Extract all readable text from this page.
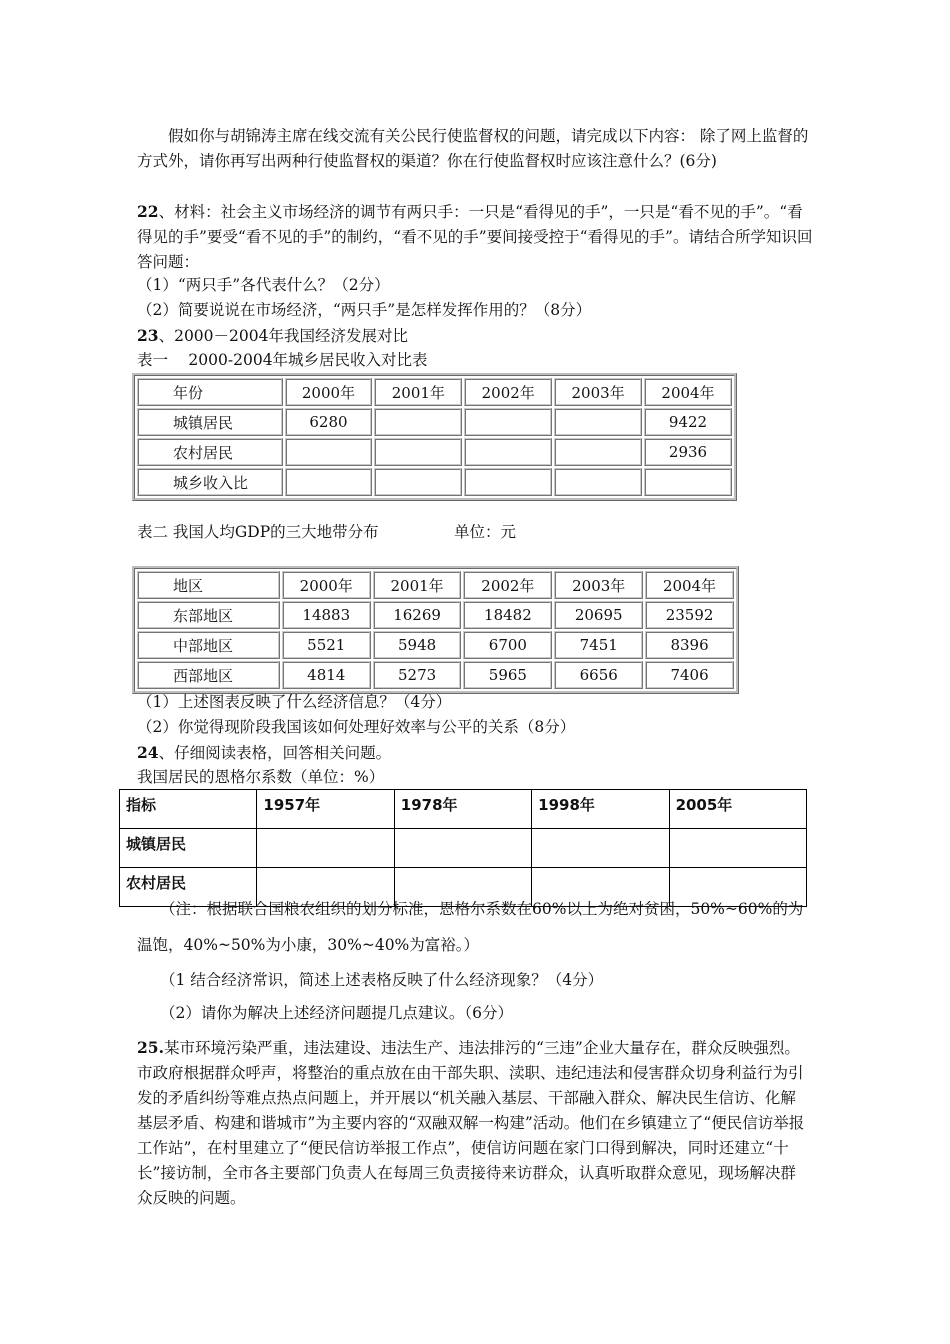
假如你与胡锦涛主席在线交流有关公民行使监督权的问题，请完成以下内容： 除了网上监督的方式外，请你再写出两种行使监督权的渠道？你在行使监督权时应该注意什么？(6分)

22、材料：社会主义市场经济的调节有两只手：一只是“看得见的手”，一只是“看不见的手”。“看得见的手”要受“看不见的手”的制约，“看不见的手”要间接受控于“看得见的手”。请结合所学知识回答问题：

（1）“两只手”各代表什么？（2分）

（2）简要说说在市场经济，“两只手”是怎样发挥作用的？（8分）

23、2000－2004年我国经济发展对比

表一　 2000-2004年城乡居民收入对比表

年份	2000年	2001年	2002年	2003年	2004年
城镇居民	6280				9422
农村居民					2936
城乡收入比					

表二 我国人均GDP的三大地带分布	单位：元

地区	2000年	2001年	2002年	2003年	2004年
东部地区	14883	16269	18482	20695	23592
中部地区	5521	5948	6700	7451	8396
西部地区	4814	5273	5965	6656	7406

（1）上述图表反映了什么经济信息？（4分）

（2）你觉得现阶段我国该如何处理好效率与公平的关系（8分）

24、仔细阅读表格，回答相关问题。

我国居民的恩格尔系数（单位：%）

指标	1957年	1978年	1998年	2005年
城镇居民				
农村居民				

（注：根据联合国粮农组织的划分标准，恩格尔系数在60%以上为绝对贫困，50%~60%的为

温饱，40%~50%为小康，30%~40%为富裕。）

（1 结合经济常识，简述上述表格反映了什么经济现象？（4分）

（2）请你为解决上述经济问题提几点建议。（6分）

25.某市环境污染严重，违法建设、违法生产、违法排污的“三违”企业大量存在，群众反映强烈。市政府根据群众呼声，将整治的重点放在由干部失职、渎职、违纪违法和侵害群众切身利益行为引发的矛盾纠纷等难点热点问题上，并开展以“机关融入基层、干部融入群众、解决民生信访、化解基层矛盾、构建和谐城市”为主要内容的“双融双解一构建”活动。他们在乡镇建立了“便民信访举报工作站”，在村里建立了“便民信访举报工作点”，使信访问题在家门口得到解决，同时还建立“十长”接访制，全市各主要部门负责人在每周三负责接待来访群众，认真听取群众意见，现场解决群众反映的问题。
